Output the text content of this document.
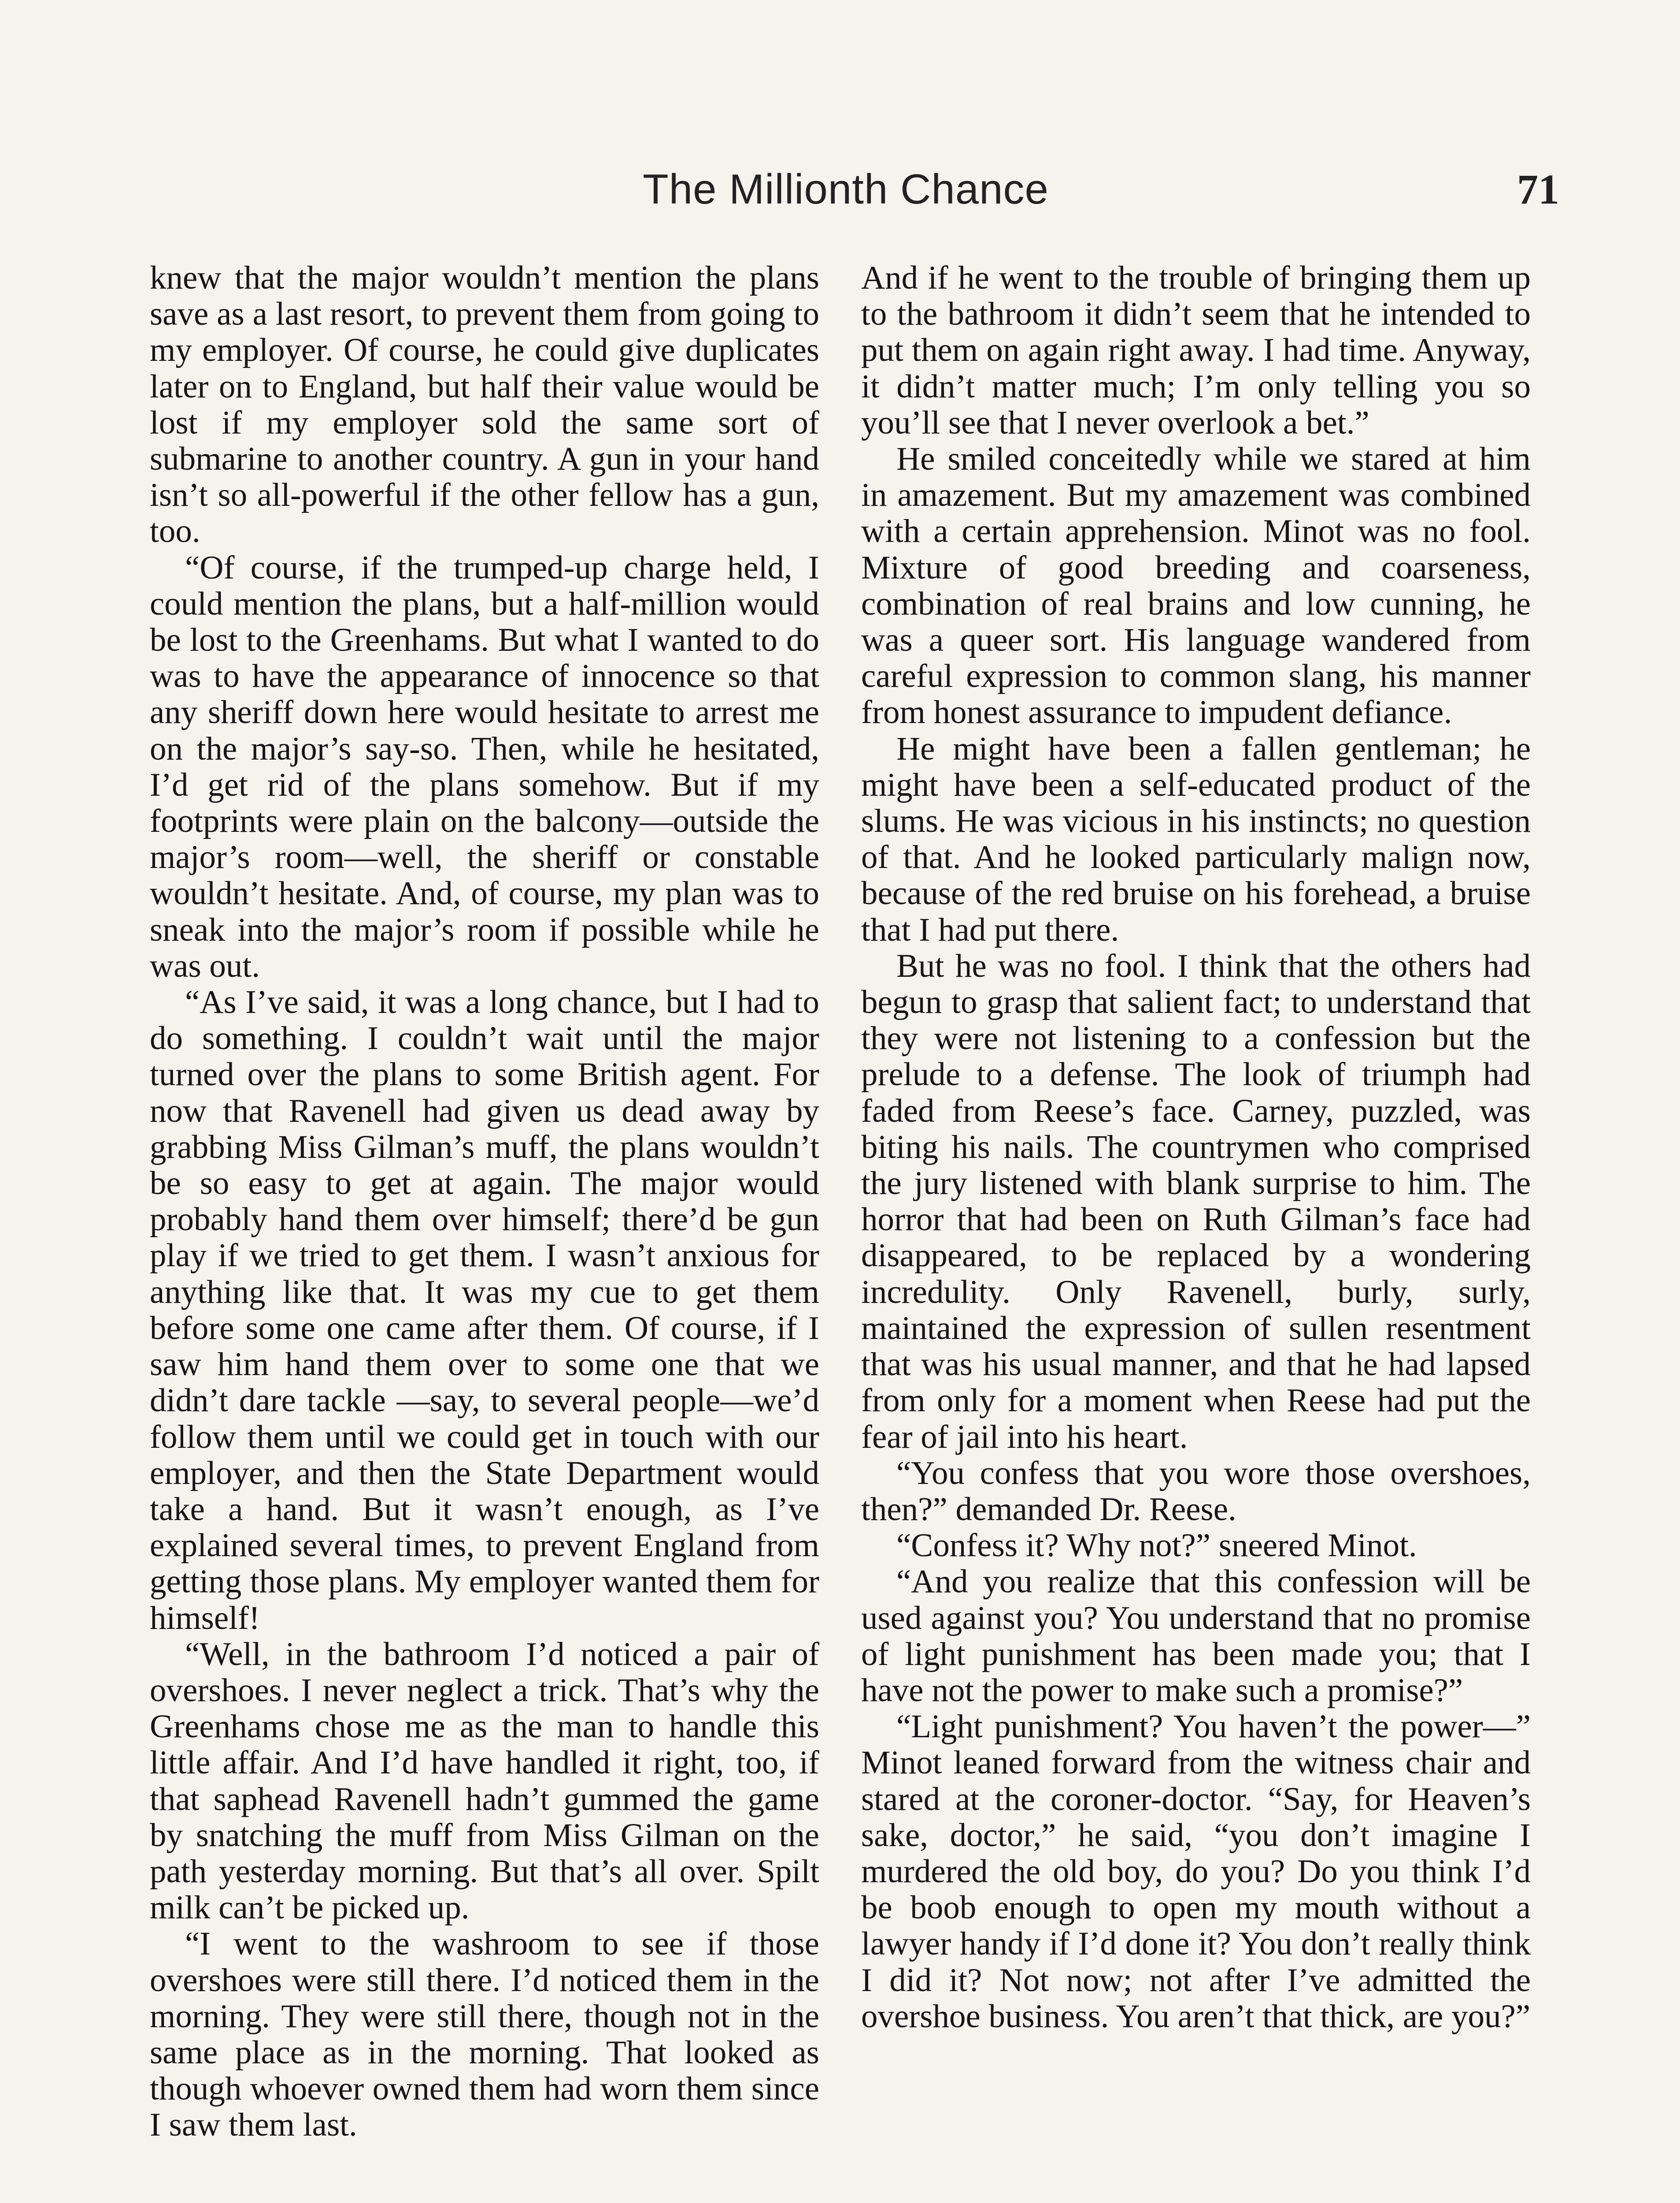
The Millionth Chance	71

knew that the major wouldn’t mention the plans save as a last resort, to prevent them from going to my employer. Of course, he could give duplicates later on to England, but half their value would be lost if my employer sold the same sort of submarine to another country. A gun in your hand isn’t so all-powerful if the other fellow has a gun, too.

“Of course, if the trumped-up charge held, I could mention the plans, but a half-million would be lost to the Greenhams. But what I wanted to do was to have the appearance of innocence so that any sheriff down here would hesitate to arrest me on the major’s say-so. Then, while he hesitated, I’d get rid of the plans somehow. But if my footprints were plain on the balcony—outside the major’s room—well, the sheriff or constable wouldn’t hesitate. And, of course, my plan was to sneak into the major’s room if possible while he was out.

“As I’ve said, it was a long chance, but I had to do something. I couldn’t wait until the major turned over the plans to some British agent. For now that Ravenell had given us dead away by grabbing Miss Gilman’s muff, the plans wouldn’t be so easy to get at again. The major would probably hand them over himself; there’d be gun play if we tried to get them. I wasn’t anxious for anything like that. It was my cue to get them before some one came after them. Of course, if I saw him hand them over to some one that we didn’t dare tackle —say, to several people—we’d follow them until we could get in touch with our employer, and then the State Department would take a hand. But it wasn’t enough, as I’ve explained several times, to prevent England from getting those plans. My employer wanted them for himself!

“Well, in the bathroom I’d noticed a pair of overshoes. I never neglect a trick. That’s why the Greenhams chose me as the man to handle this little affair. And I’d have handled it right, too, if that saphead Ravenell hadn’t gummed the game by snatching the muff from Miss Gilman on the path yesterday morning. But that’s all over. Spilt milk can’t be picked up.

“I went to the washroom to see if those overshoes were still there. I’d noticed them in the morning. They were still there, though not in the same place as in the morning. That looked as though whoever owned them had worn them since I saw them last.

And if he went to the trouble of bringing them up to the bathroom it didn’t seem that he intended to put them on again right away. I had time. Anyway, it didn’t matter much; I’m only telling you so you’ll see that I never overlook a bet.”

He smiled conceitedly while we stared at him in amazement. But my amazement was combined with a certain apprehension. Minot was no fool. Mixture of good breeding and coarseness, combination of real brains and low cunning, he was a queer sort. His language wandered from careful expression to common slang, his manner from honest assurance to impudent defiance.

He might have been a fallen gentleman; he might have been a self-educated product of the slums. He was vicious in his instincts; no question of that. And he looked particularly malign now, because of the red bruise on his forehead, a bruise that I had put there.

But he was no fool. I think that the others had begun to grasp that salient fact; to understand that they were not listening to a confession but the prelude to a defense. The look of triumph had faded from Reese’s face. Carney, puzzled, was biting his nails. The countrymen who comprised the jury listened with blank surprise to him. The horror that had been on Ruth Gilman’s face had disappeared, to be replaced by a wondering incredulity. Only Ravenell, burly, surly, maintained the expression of sullen resentment that was his usual manner, and that he had lapsed from only for a moment when Reese had put the fear of jail into his heart.

“You confess that you wore those overshoes, then?” demanded Dr. Reese.

“Confess it? Why not?” sneered Minot.

“And you realize that this confession will be used against you? You understand that no promise of light punishment has been made you; that I have not the power to make such a promise?”

“Light punishment? You haven’t the power—” Minot leaned forward from the witness chair and stared at the coroner-doctor. “Say, for Heaven’s sake, doctor,” he said, “you don’t imagine I murdered the old boy, do you? Do you think I’d be boob enough to open my mouth without a lawyer handy if I’d done it? You don’t really think I did it? Not now; not after I’ve admitted the overshoe business. You aren’t that thick, are you?”
